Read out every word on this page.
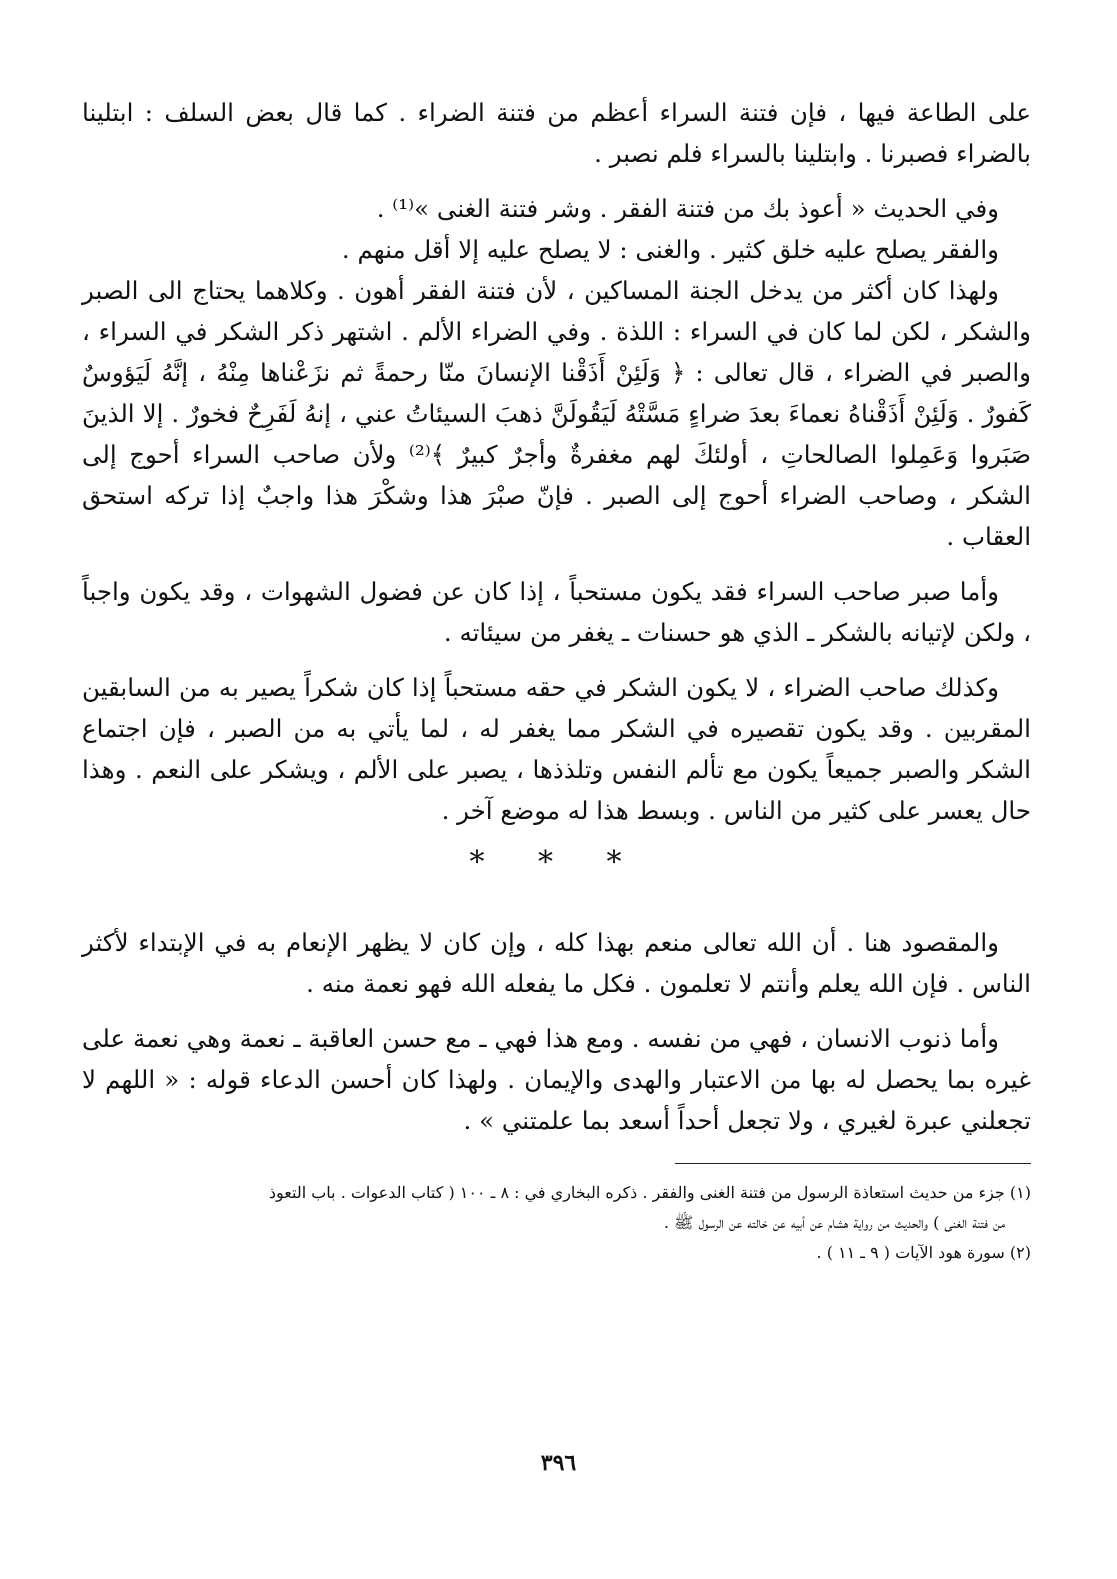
على الطاعة فيها ، فإن فتنة السراء أعظم من فتنة الضراء . كما قال بعض السلف : ابتلينا بالضراء فصبرنا . وابتلينا بالسراء فلم نصبر .

وفي الحديث « أعوذ بك من فتنة الفقر . وشر فتنة الغنى »⁽¹⁾ .

والفقر يصلح عليه خلق كثير . والغنى : لا يصلح عليه إلا أقل منهم .

ولهذا كان أكثر من يدخل الجنة المساكين ، لأن فتنة الفقر أهون . وكلاهما يحتاج الى الصبر والشكر ، لكن لما كان في السراء : اللذة . وفي الضراء الألم . اشتهر ذكر الشكر في السراء ، والصبر في الضراء ، قال تعالى : ﴿ وَلَئِنْ أَذَقْنا الإنسانَ منّا رحمةً ثم نزَعْناها مِنْهُ ، إنَّهُ لَيَؤوسٌ كَفورٌ . وَلَئِنْ أَذَقْناهُ نعماءَ بعدَ ضراءٍ مَسَّتْهُ لَيَقُولَنَّ ذهبَ السيئاتُ عني ، إنهُ لَفَرِحٌ فخورٌ . إلا الذينَ صَبَروا وَعَمِلوا الصالحاتِ ، أولئكَ لهم مغفرةٌ وأجرٌ كبيرٌ ﴾⁽²⁾ ولأن صاحب السراء أحوج إلى الشكر ، وصاحب الضراء أحوج إلى الصبر . فإنّ صبْرَ هذا وشكْرَ هذا واجبٌ إذا تركه استحق العقاب .

وأما صبر صاحب السراء فقد يكون مستحباً ، إذا كان عن فضول الشهوات ، وقد يكون واجباً ، ولكن لإتيانه بالشكر ـ الذي هو حسنات ـ يغفر من سيئاته .

وكذلك صاحب الضراء ، لا يكون الشكر في حقه مستحباً إذا كان شكراً يصير به من السابقين المقربين . وقد يكون تقصيره في الشكر مما يغفر له ، لما يأتي به من الصبر ، فإن اجتماع الشكر والصبر جميعاً يكون مع تألم النفس وتلذذها ، يصبر على الألم ، ويشكر على النعم . وهذا حال يعسر على كثير من الناس . وبسط هذا له موضع آخر .

* * *

والمقصود هنا . أن الله تعالى منعم بهذا كله ، وإن كان لا يظهر الإنعام به في الإبتداء لأكثر الناس . فإن الله يعلم وأنتم لا تعلمون . فكل ما يفعله الله فهو نعمة منه .

وأما ذنوب الانسان ، فهي من نفسه . ومع هذا فهي ـ مع حسن العاقبة ـ نعمة وهي نعمة على غيره بما يحصل له بها من الاعتبار والهدى والإيمان . ولهذا كان أحسن الدعاء قوله : « اللهم لا تجعلني عبرة لغيري ، ولا تجعل أحداً أسعد بما علمتني » .

(١) جزء من حديث استعاذة الرسول من فتنة الغنى والفقر . ذكره البخاري في : ٨ ـ ١٠٠ ( كتاب الدعوات . باب التعوذ
من فتنة الغنى ) والحديث من رواية هشام عن أبيه عن خالته عن الرسول ﷺ .

(٢) سورة هود الآيات ( ٩ ـ ١١ ) .

٣٩٦
